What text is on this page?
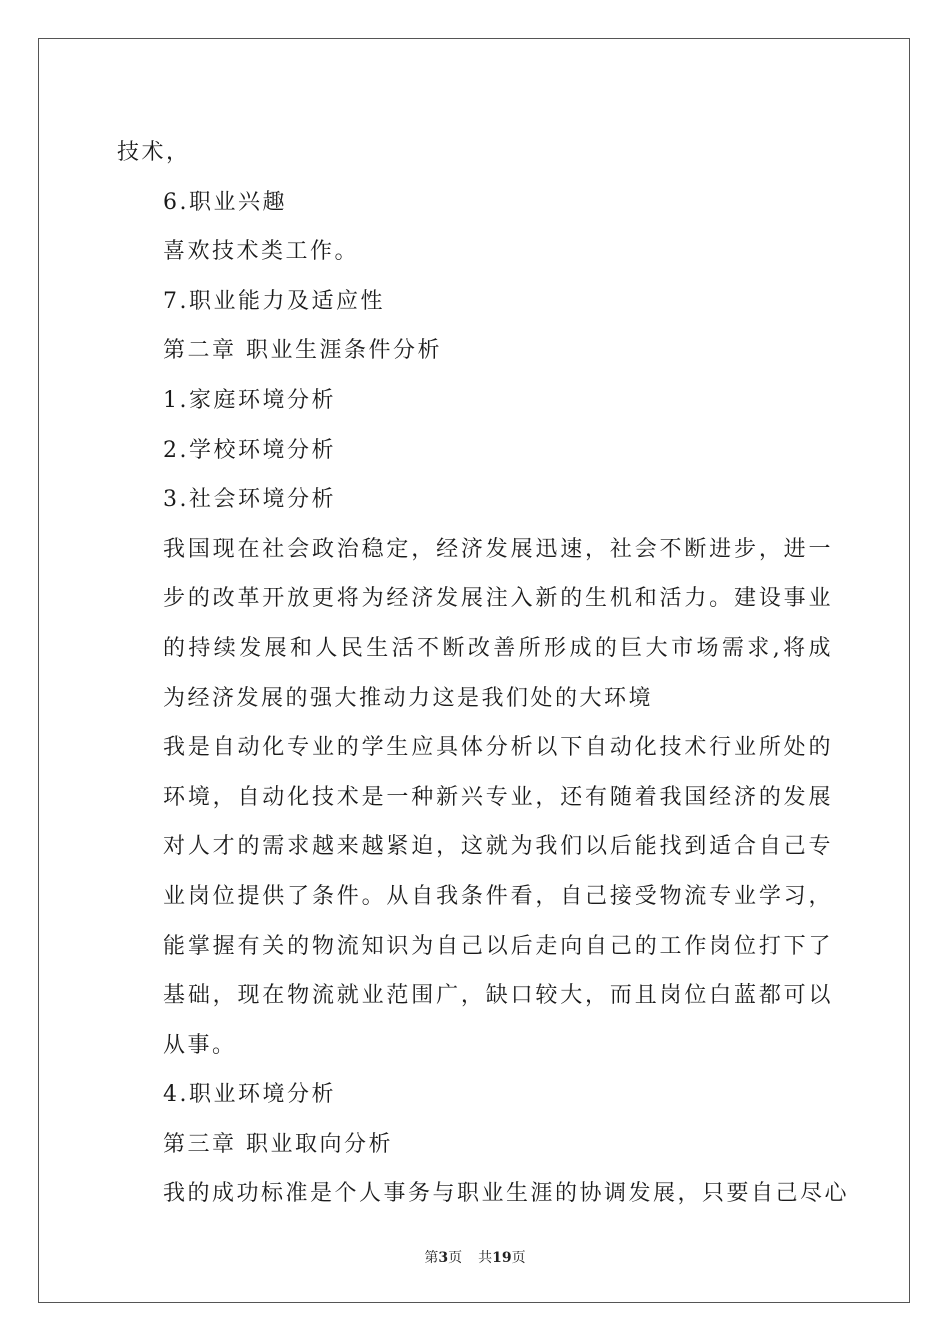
技术，

6.职业兴趣

喜欢技术类工作。

7.职业能力及适应性

第二章 职业生涯条件分析

1.家庭环境分析

2.学校环境分析

3.社会环境分析

我国现在社会政治稳定，经济发展迅速，社会不断进步，进一步的改革开放更将为经济发展注入新的生机和活力。建设事业的持续发展和人民生活不断改善所形成的巨大市场需求,将成为经济发展的强大推动力这是我们处的大环境

我是自动化专业的学生应具体分析以下自动化技术行业所处的环境，自动化技术是一种新兴专业，还有随着我国经济的发展对人才的需求越来越紧迫，这就为我们以后能找到适合自己专业岗位提供了条件。从自我条件看，自己接受物流专业学习，能掌握有关的物流知识为自己以后走向自己的工作岗位打下了基础，现在物流就业范围广，缺口较大，而且岗位白蓝都可以从事。

4.职业环境分析

第三章 职业取向分析

我的成功标准是个人事务与职业生涯的协调发展，只要自己尽心

第3页 共19页
